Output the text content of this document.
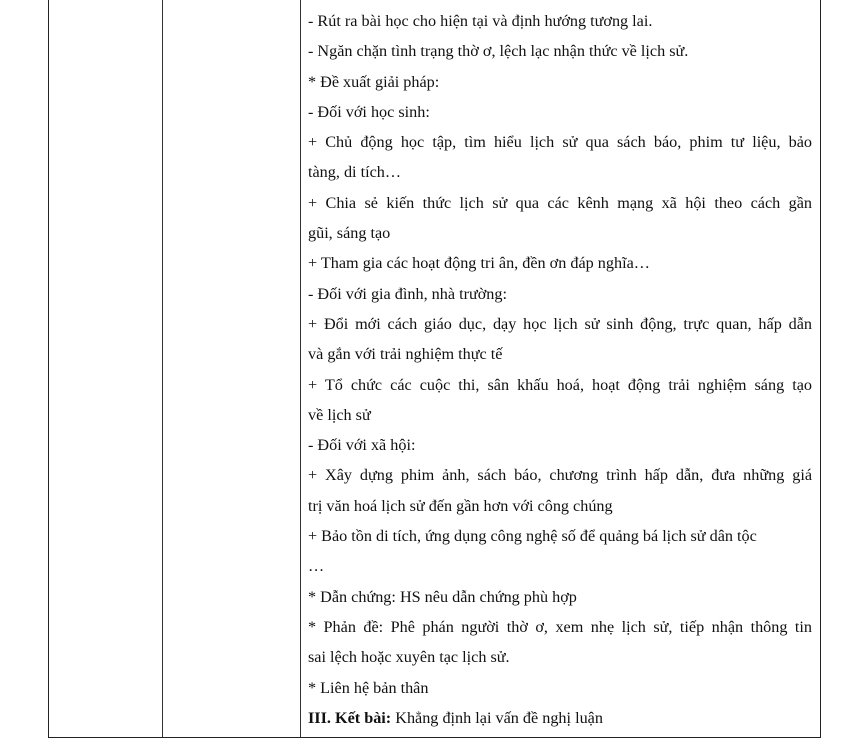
- Rút ra bài học cho hiện tại và định hướng tương lai.
- Ngăn chặn tình trạng thờ ơ, lệch lạc nhận thức về lịch sử.
* Đề xuất giải pháp:
- Đối với học sinh:
+ Chủ động học tập, tìm hiểu lịch sử qua sách báo, phim tư liệu, bảo
tàng, di tích…
+ Chia sẻ kiến thức lịch sử qua các kênh mạng xã hội theo cách gần
gũi, sáng tạo
+ Tham gia các hoạt động tri ân, đền ơn đáp nghĩa…
- Đối với gia đình, nhà trường:
+ Đổi mới cách giáo dục, dạy học lịch sử sinh động, trực quan, hấp dẫn
và gắn với trải nghiệm thực tế
+ Tổ chức các cuộc thi, sân khấu hoá, hoạt động trải nghiệm sáng tạo
về lịch sử
- Đối với xã hội:
+ Xây dựng phim ảnh, sách báo, chương trình hấp dẫn, đưa những giá
trị văn hoá lịch sử đến gần hơn với công chúng
+ Bảo tồn di tích, ứng dụng công nghệ số để quảng bá lịch sử dân tộc
…
* Dẫn chứng: HS nêu dẫn chứng phù hợp
* Phản đề: Phê phán người thờ ơ, xem nhẹ lịch sử, tiếp nhận thông tin
sai lệch hoặc xuyên tạc lịch sử.
* Liên hệ bản thân
III. Kết bài: Khẳng định lại vấn đề nghị luận
